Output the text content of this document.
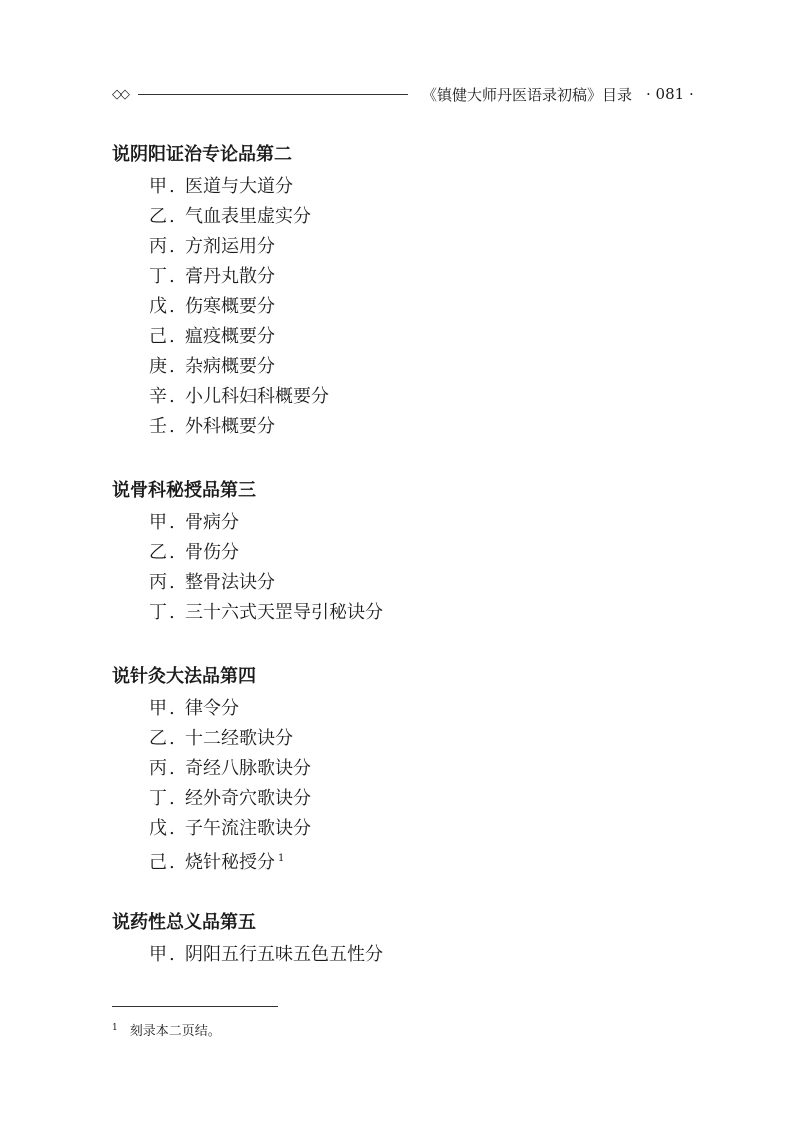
◇◇	《镇健大师丹医语录初稿》目录 · 081 ·
说阴阳证治专论品第二
甲 . 医道与大道分
乙 . 气血表里虚实分
丙 . 方剂运用分
丁 . 膏丹丸散分
戊 . 伤寒概要分
己 . 瘟疫概要分
庚 . 杂病概要分
辛 . 小儿科妇科概要分
壬 . 外科概要分
说骨科秘授品第三
甲 . 骨病分
乙 . 骨伤分
丙 . 整骨法诀分
丁 . 三十六式天罡导引秘诀分
说针灸大法品第四
甲 . 律令分
乙 . 十二经歌诀分
丙 . 奇经八脉歌诀分
丁 . 经外奇穴歌诀分
戊 . 子午流注歌诀分
己 . 烧针秘授分 $^1$
说药性总义品第五
甲 . 阴阳五行五味五色五性分
$^1$ 刻录本二页结。
